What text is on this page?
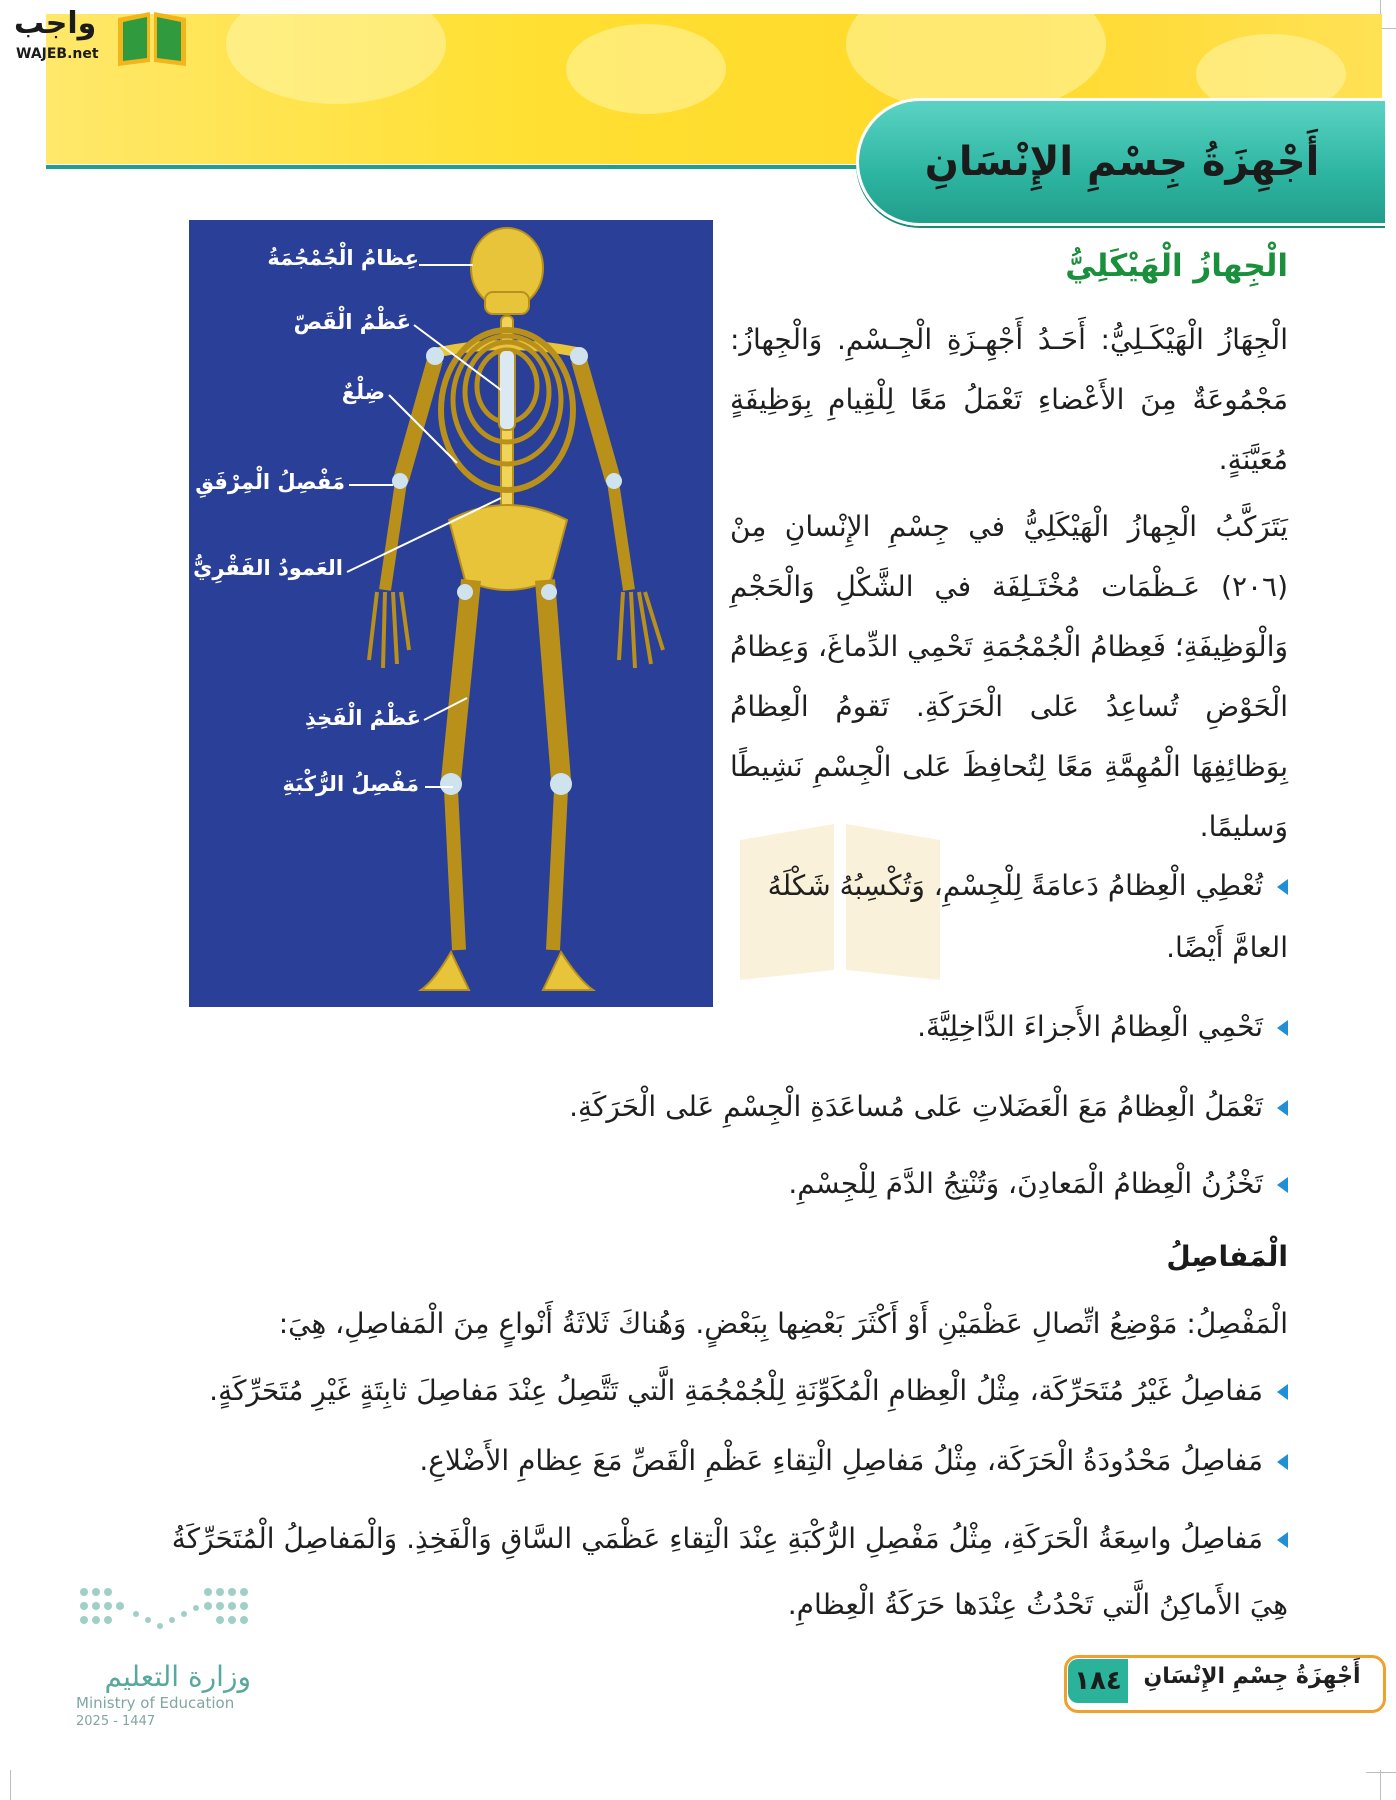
أَجْهِزَةُ جِسْمِ الإِنْسَانِ
واجب
WAJEB.net
عِظامُ الْجُمْجُمَةُ
عَظْمُ الْقَصّ
ضِلْعٌ
مَفْصِلُ الْمِرْفَقِ
العَمودُ الفَقْرِيُّ
عَظْمُ الْفَخِذِ
مَفْصِلُ الرُّكْبَةِ
الْجِهازُ الْهَيْكَلِيُّ
الْجِهَازُ الْهَيْكَـلِيُّ: أَحَـدُ أَجْهِـزَةِ الْجِـسْمِ. وَالْجِهازُ: مَجْمُوعَةٌ مِنَ الأَعْضاءِ تَعْمَلُ مَعًا لِلْقِيامِ بِوَظِيفَةٍ مُعَيَّنَةٍ.
يَتَرَكَّبُ الْجِهازُ الْهَيْكَلِيُّ في جِسْمِ الإِنْسانِ مِنْ (٢٠٦) عَـظْمَات مُخْتَـلِفَة في الشَّكْلِ وَالْحَجْمِ وَالْوَظِيفَةِ؛ فَعِظامُ الْجُمْجُمَةِ تَحْمِي الدِّماغَ، وَعِظامُ الْحَوْضِ تُساعِدُ عَلى الْحَرَكَةِ. تَقومُ الْعِظامُ بِوَظائِفِهَا الْمُهِمَّةِ مَعًا لِتُحافِظَ عَلى الْجِسْمِ نَشِيطًا وَسليمًا.
تُعْطِي الْعِظامُ دَعامَةً لِلْجِسْمِ، وَتُكْسِبُهُ شَكْلَهُ العامَّ أَيْضًا.
تَحْمِي الْعِظامُ الأَجزاءَ الدَّاخِلِيَّةَ.
تَعْمَلُ الْعِظامُ مَعَ الْعَضَلاتِ عَلى مُساعَدَةِ الْجِسْمِ عَلى الْحَرَكَةِ.
تَخْزُنُ الْعِظامُ الْمَعادِنَ، وَتُنْتِجُ الدَّمَ لِلْجِسْمِ.
الْمَفاصِلُ
الْمَفْصِلُ: مَوْضِعُ اتِّصالِ عَظْمَيْنِ أَوْ أَكْثَرَ بَعْضِها بِبَعْضٍ. وَهُناكَ ثَلاثَةُ أَنْواعٍ مِنَ الْمَفاصِلِ، هِيَ:
مَفاصِلُ غَيْرُ مُتَحَرِّكَة، مِثْلُ الْعِظامِ الْمُكَوِّنَةِ لِلْجُمْجُمَةِ الَّتي تَتَّصِلُ عِنْدَ مَفاصِلَ ثابِتَةٍ غَيْرِ مُتَحَرِّكَةٍ.
مَفاصِلُ مَحْدُودَةُ الْحَرَكَة، مِثْلُ مَفاصِلِ الْتِقاءِ عَظْمِ الْقَصِّ مَعَ عِظامِ الأَضْلاعِ.
مَفاصِلُ واسِعَةُ الْحَرَكَةِ، مِثْلُ مَفْصِلِ الرُّكْبَةِ عِنْدَ الْتِقاءِ عَظْمَي السَّاقِ وَالْفَخِذِ. وَالْمَفاصِلُ الْمُتَحَرِّكَةُ هِيَ الأَماكِنُ الَّتي تَحْدُثُ عِنْدَها حَرَكَةُ الْعِظامِ.
وزارة التعليم
Ministry of Education
2025 - 1447
١٨٤ أَجْهِزَةُ جِسْمِ الإِنْسَانِ
